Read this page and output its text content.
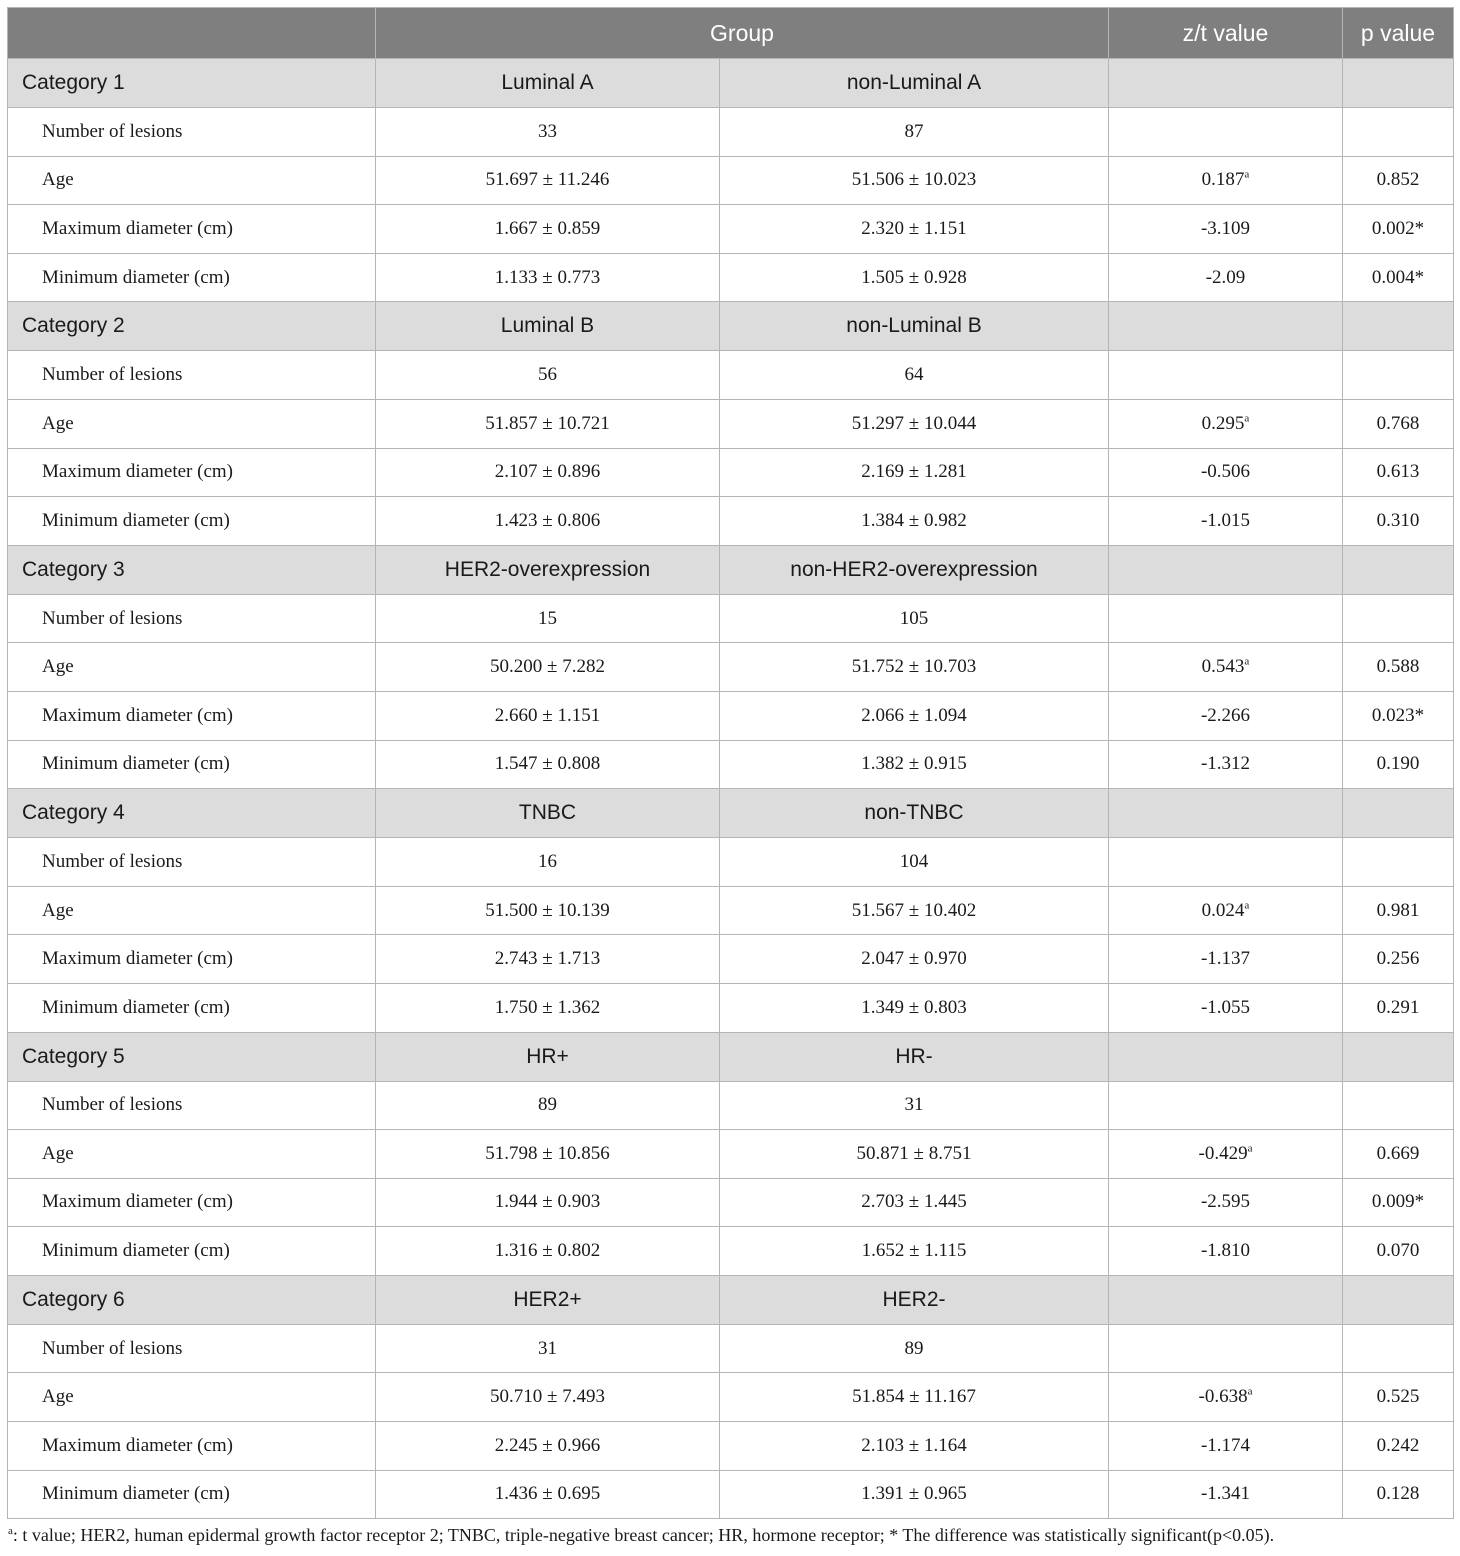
	Group		z/t value	p value
Category 1	Luminal A	non-Luminal A		
Number of lesions	33	87		
Age	51.697 ± 11.246	51.506 ± 10.023	0.187$^a$	0.852
Maximum diameter (cm)	1.667 ± 0.859	2.320 ± 1.151	-3.109	0.002*
Minimum diameter (cm)	1.133 ± 0.773	1.505 ± 0.928	-2.09	0.004*
Category 2	Luminal B	non-Luminal B		
Number of lesions	56	64		
Age	51.857 ± 10.721	51.297 ± 10.044	0.295$^a$	0.768
Maximum diameter (cm)	2.107 ± 0.896	2.169 ± 1.281	-0.506	0.613
Minimum diameter (cm)	1.423 ± 0.806	1.384 ± 0.982	-1.015	0.310
Category 3	HER2-overexpression	non-HER2-overexpression		
Number of lesions	15	105		
Age	50.200 ± 7.282	51.752 ± 10.703	0.543$^a$	0.588
Maximum diameter (cm)	2.660 ± 1.151	2.066 ± 1.094	-2.266	0.023*
Minimum diameter (cm)	1.547 ± 0.808	1.382 ± 0.915	-1.312	0.190
Category 4	TNBC	non-TNBC		
Number of lesions	16	104		
Age	51.500 ± 10.139	51.567 ± 10.402	0.024$^a$	0.981
Maximum diameter (cm)	2.743 ± 1.713	2.047 ± 0.970	-1.137	0.256
Minimum diameter (cm)	1.750 ± 1.362	1.349 ± 0.803	-1.055	0.291
Category 5	HR+	HR-		
Number of lesions	89	31		
Age	51.798 ± 10.856	50.871 ± 8.751	-0.429$^a$	0.669
Maximum diameter (cm)	1.944 ± 0.903	2.703 ± 1.445	-2.595	0.009*
Minimum diameter (cm)	1.316 ± 0.802	1.652 ± 1.115	-1.810	0.070
Category 6	HER2+	HER2-		
Number of lesions	31	89		
Age	50.710 ± 7.493	51.854 ± 11.167	-0.638$^a$	0.525
Maximum diameter (cm)	2.245 ± 0.966	2.103 ± 1.164	-1.174	0.242
Minimum diameter (cm)	1.436 ± 0.695	1.391 ± 0.965	-1.341	0.128
$^a$: t value; HER2, human epidermal growth factor receptor 2; TNBC, triple-negative breast cancer; HR, hormone receptor; * The difference was statistically significant(p<0.05).
